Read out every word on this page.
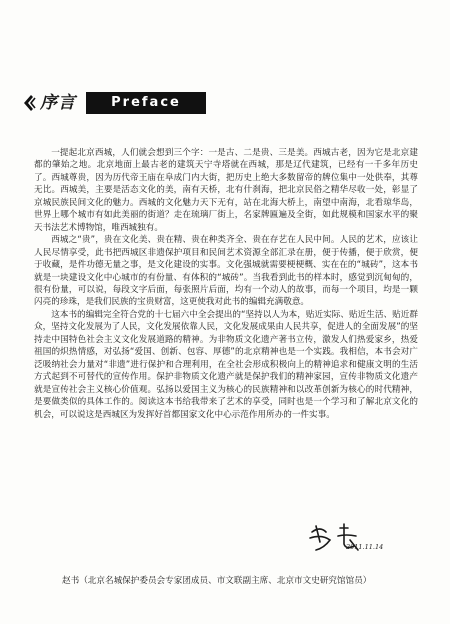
序言	Preface

一提起北京西城，人们就会想到三个字：一是古、二是贵、三是美。西城古老，因为它是北京建都的肇始之地。北京地面上最古老的建筑天宁寺塔就在西城，那是辽代建筑，已经有一千多年历史了。西城尊贵，因为历代帝王庙在阜成门内大街，把历史上绝大多数留帝的牌位集中一处供奉，其尊无比。西城美，主要是活态文化的美，南有天桥，北有什刹海，把北京民俗之精华尽收一处，彰显了京城民族民间文化的魅力。西城的文化魅力天下无有，站在北海大桥上，南望中南海，北看琼华岛，世界上哪个城市有如此美丽的街道？走在琉璃厂街上，名家牌匾遍及全街，如此规模和国家水平的聚天书法艺术博物馆，唯西城独有。

西城之“贵”，贵在文化美、贵在精、贵在种类齐全、贵在存艺在人民中间。人民的艺术，应该让人民尽情享受，此书把西城区非遗保护项目和民间艺术资源全部汇录在册，便于传播，便于欣赏，便于收藏，是件功德无量之事，是文化建设的实事。文化强城就需要梗梗概、实在在的“城砖”，这本书就是一块建设文化中心城市的有份量、有体积的“城砖”。当我看到此书的样本时，感觉到沉甸甸的，很有份量，可以说，每段文字后面，每张照片后面，均有一个动人的故事，而每一个项目，均是一颗闪亮的珍珠，是我们民族的宝贵财富，这更使我对此书的编辑充满敬意。

这本书的编辑完全符合党的十七届六中全会提出的“坚持以人为本，贴近实际、贴近生活、贴近群众，坚持文化发展为了人民，文化发展依靠人民，文化发展成果由人民共享，促进人的全面发展”的坚持走中国特色社会主义文化发展道路的精神。为非物质文化遗产著书立传，激发人们热爱家乡，热爱祖国的炽热情感，对弘扬“爱国、创新、包容、厚德”的北京精神也是一个实践。我相信，本书会对广泛吸纳社会力量对“非遗”进行保护和合理利用，在全社会形成积极向上的精神追求和健康文明的生活方式起到不可替代的宣传作用。保护非物质文化遗产就是保护我们的精神家园，宣传非物质文化遗产就是宣传社会主义核心价值观。弘扬以爱国主义为核心的民族精神和以改革创新为核心的时代精神，是要做类似的具体工作的。阅读这本书给我带来了艺术的享受，同时也是一个学习和了解北京文化的机会，可以说这是西城区为发挥好首都国家文化中心示范作用所办的一件实事。

2011.11.14
赵书（北京名城保护委员会专家团成员、市文联副主席、北京市文史研究馆馆员）
